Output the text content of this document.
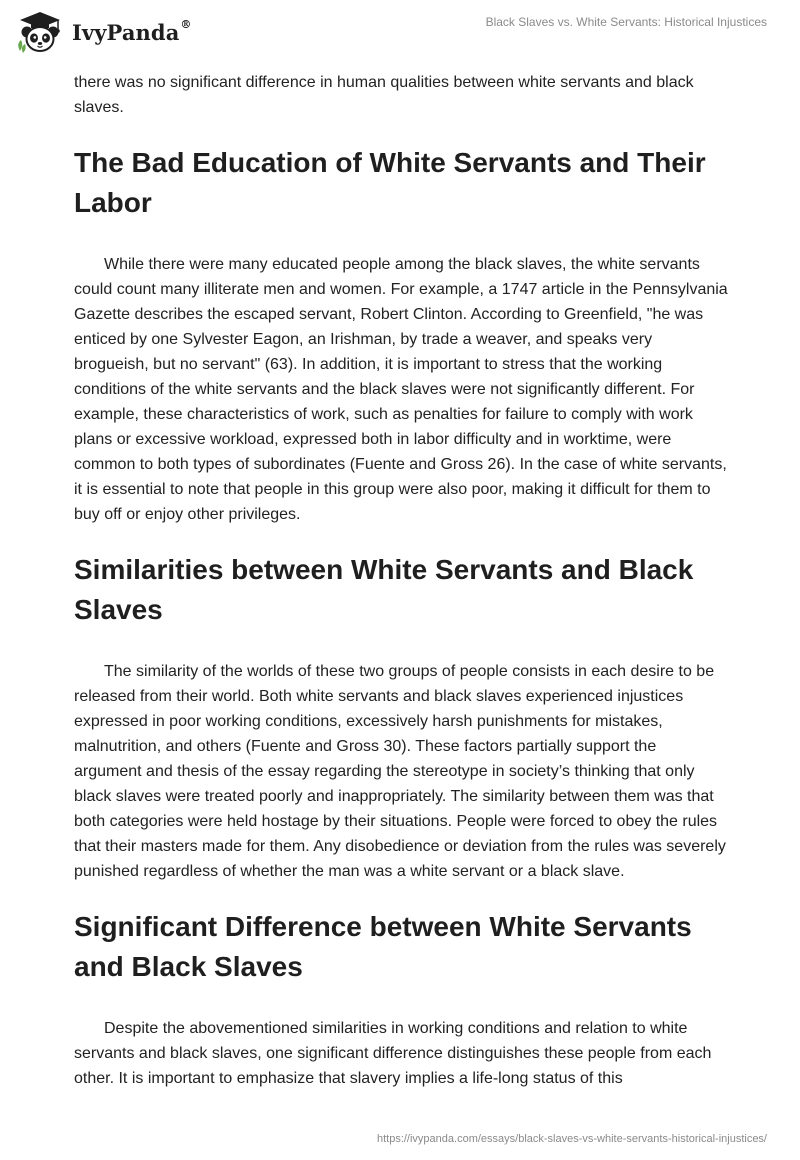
IvyPanda®	Black Slaves vs. White Servants: Historical Injustices

there was no significant difference in human qualities between white servants and black slaves.

The Bad Education of White Servants and Their Labor

While there were many educated people among the black slaves, the white servants could count many illiterate men and women. For example, a 1747 article in the Pennsylvania Gazette describes the escaped servant, Robert Clinton. According to Greenfield, "he was enticed by one Sylvester Eagon, an Irishman, by trade a weaver, and speaks very brogueish, but no servant" (63). In addition, it is important to stress that the working conditions of the white servants and the black slaves were not significantly different. For example, these characteristics of work, such as penalties for failure to comply with work plans or excessive workload, expressed both in labor difficulty and in worktime, were common to both types of subordinates (Fuente and Gross 26). In the case of white servants, it is essential to note that people in this group were also poor, making it difficult for them to buy off or enjoy other privileges.

Similarities between White Servants and Black Slaves

The similarity of the worlds of these two groups of people consists in each desire to be released from their world. Both white servants and black slaves experienced injustices expressed in poor working conditions, excessively harsh punishments for mistakes, malnutrition, and others (Fuente and Gross 30). These factors partially support the argument and thesis of the essay regarding the stereotype in society’s thinking that only black slaves were treated poorly and inappropriately. The similarity between them was that both categories were held hostage by their situations. People were forced to obey the rules that their masters made for them. Any disobedience or deviation from the rules was severely punished regardless of whether the man was a white servant or a black slave.

Significant Difference between White Servants and Black Slaves

Despite the abovementioned similarities in working conditions and relation to white servants and black slaves, one significant difference distinguishes these people from each other. It is important to emphasize that slavery implies a life-long status of this

https://ivypanda.com/essays/black-slaves-vs-white-servants-historical-injustices/
